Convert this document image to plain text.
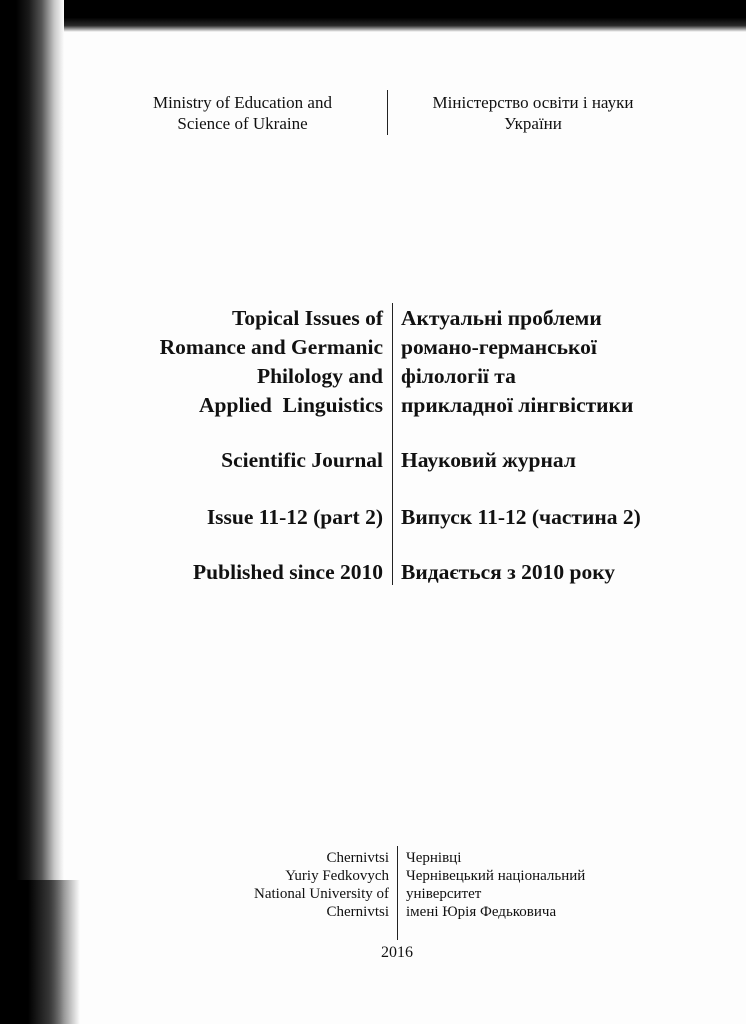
Ministry of Education and
Science of Ukraine
Міністерство освіти і науки
України
Topical Issues of
Romance and Germanic
Philology and
Applied  Linguistics
Актуальні проблеми
романо-германської
філології та
прикладної лінгвістики
Scientific Journal Науковий журнал
Issue 11-12 (part 2) Випуск 11-12 (частина 2)
Published since 2010 Видається з 2010 року
Chernivtsi
Yuriy Fedkovych
National University of
Chernivtsi
Чернівці
Чернівецький національний
університет
імені Юрія Федьковича
2016
